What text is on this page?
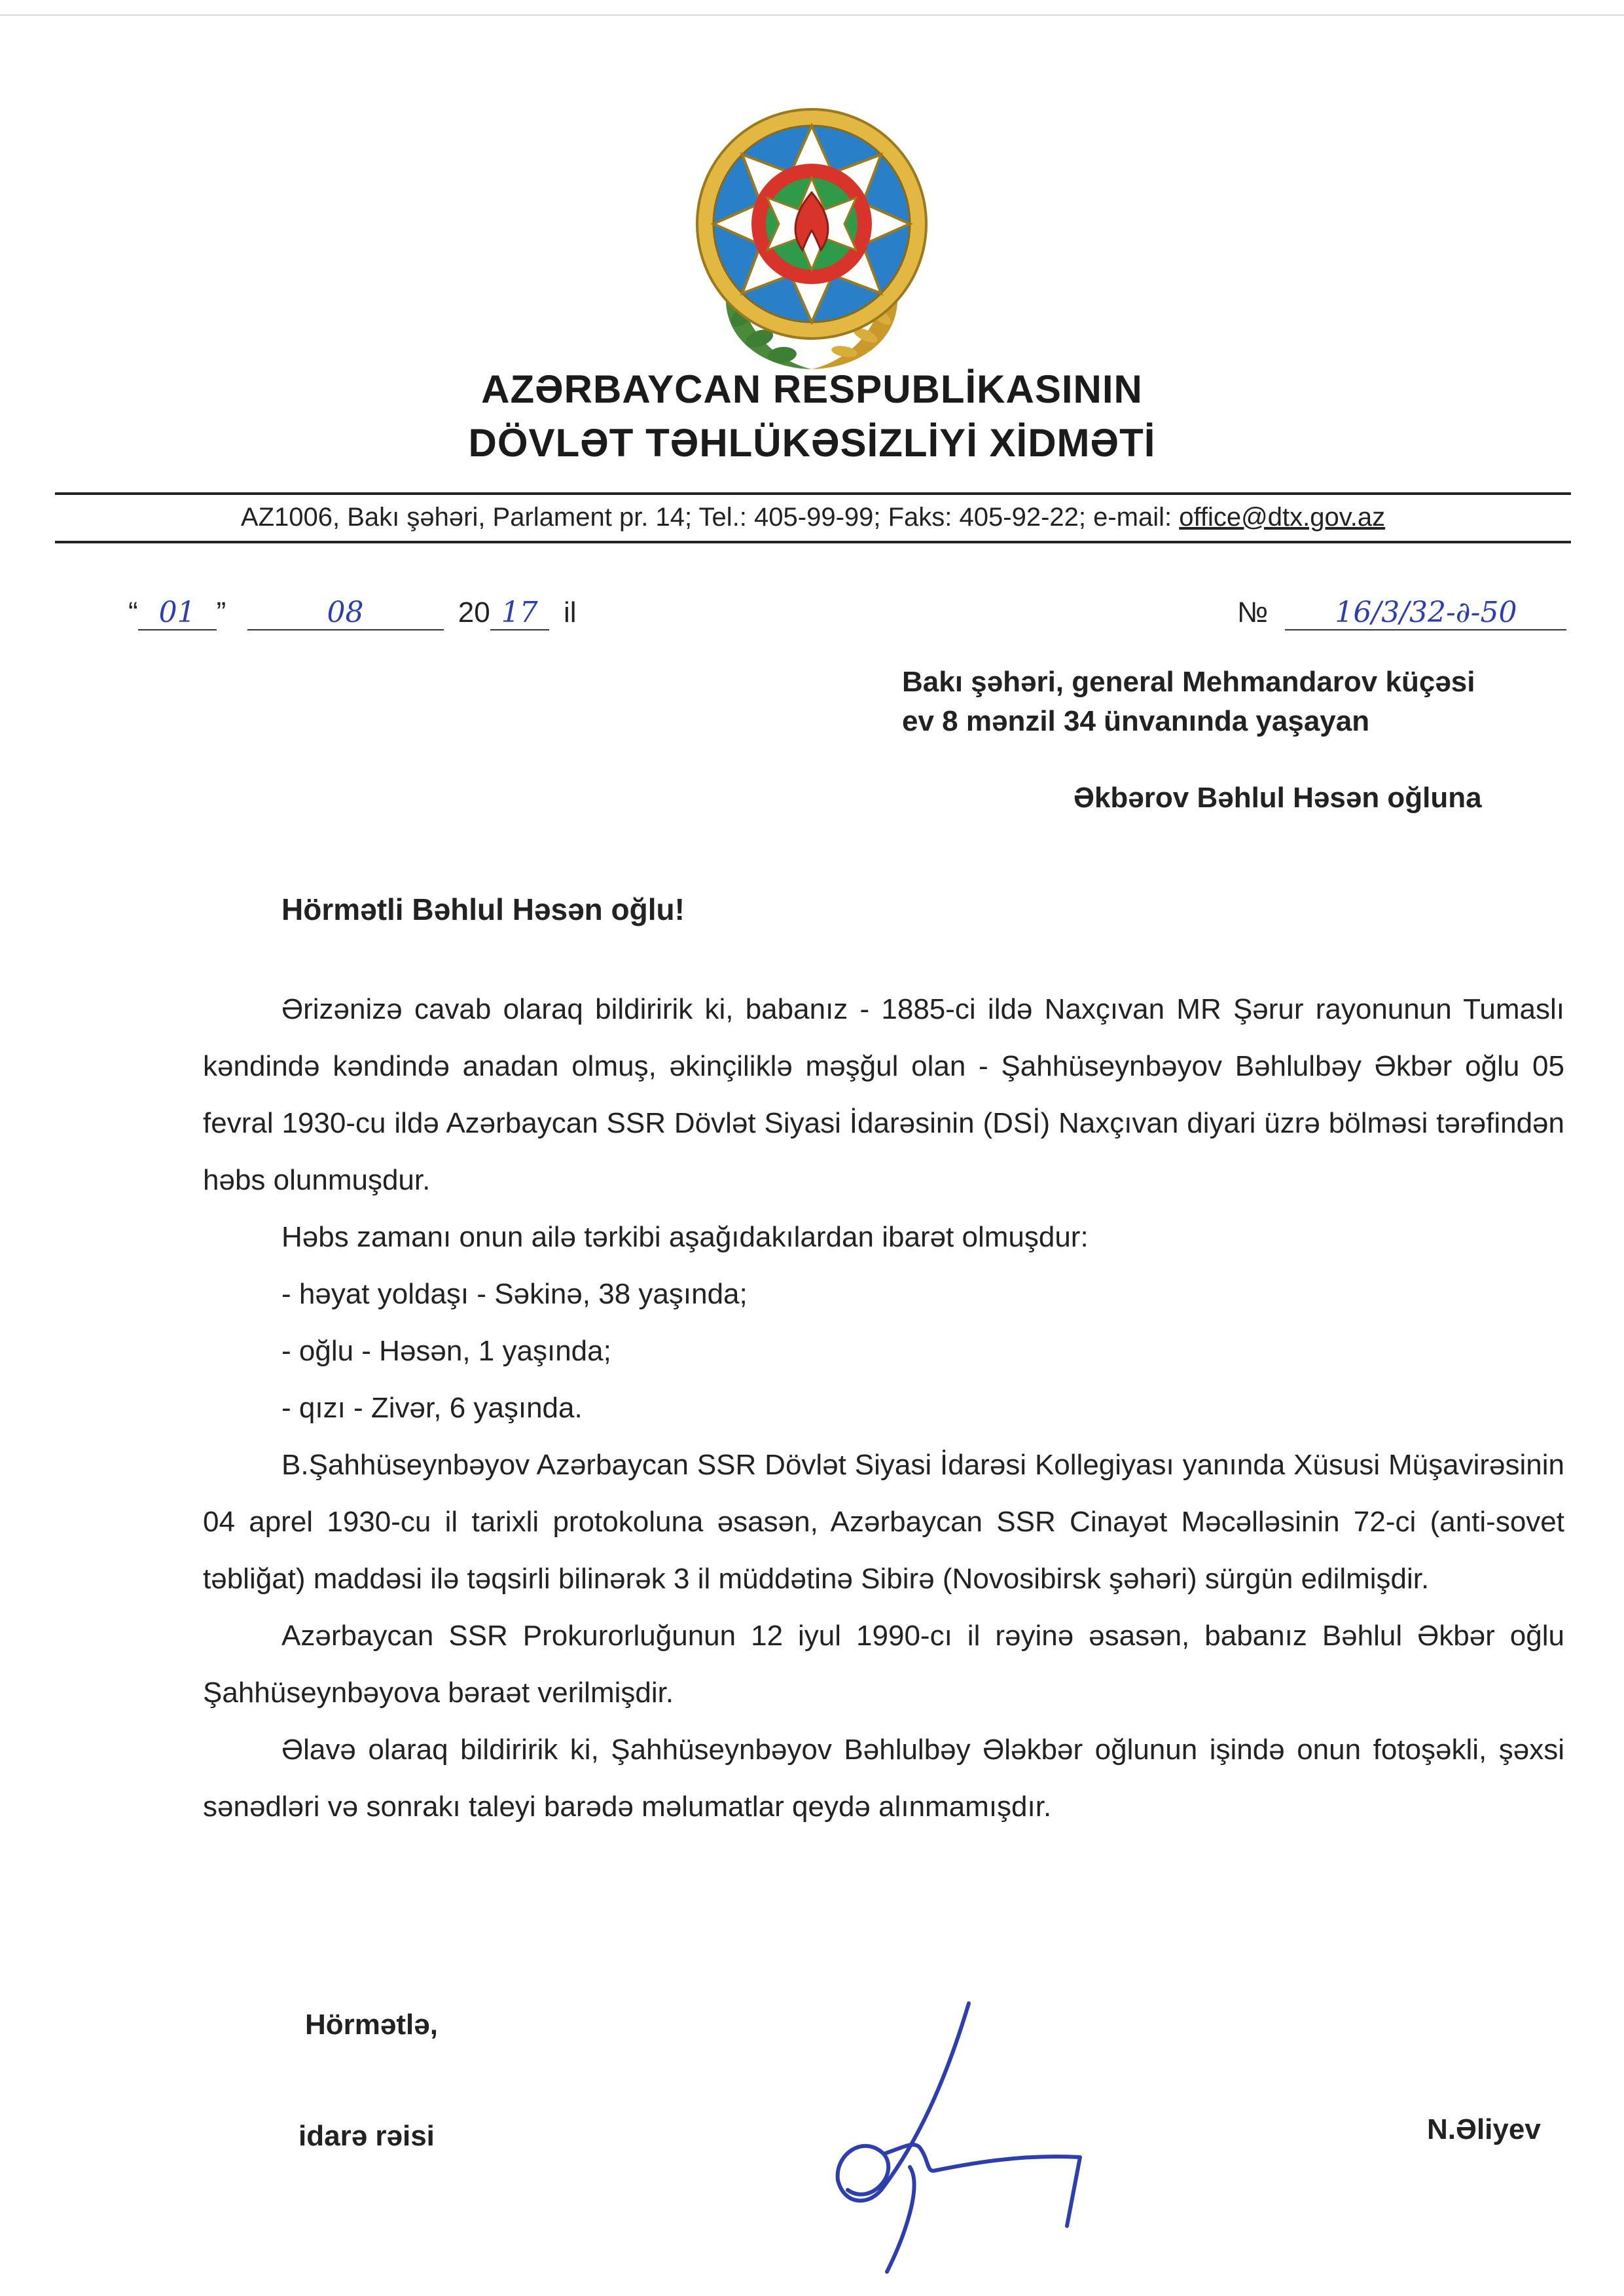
AZƏRBAYCAN RESPUBLİKASININ
DÖVLƏT TƏHLÜKƏSİZLİYİ XİDMƏTİ
AZ1006, Bakı şəhəri, Parlament pr. 14; Tel.: 405-99-99; Faks: 405-92-22; e-mail: office@dtx.gov.az
“ 01 ”	08	20 17 il	№ 16/3/32-∂-50
Bakı şəhəri, general Mehmandarov küçəsi
ev 8 mənzil 34 ünvanında yaşayan
Əkbərov Bəhlul Həsən oğluna
Hörmətli Bəhlul Həsən oğlu!

Ərizənizə cavab olaraq bildiririk ki, babanız - 1885-ci ildə Naxçıvan MR Şərur rayonunun Tumaslı kəndində kəndində anadan olmuş, əkinçiliklə məşğul olan - Şahhüseynbəyov Bəhlulbəy Əkbər oğlu 05 fevral 1930-cu ildə Azərbaycan SSR Dövlət Siyasi İdarəsinin (DSİ) Naxçıvan diyari üzrə bölməsi tərəfindən həbs olunmuşdur.

Həbs zamanı onun ailə tərkibi aşağıdakılardan ibarət olmuşdur:

- həyat yoldaşı - Səkinə, 38 yaşında;

- oğlu - Həsən, 1 yaşında;

- qızı - Zivər, 6 yaşında.

B.Şahhüseynbəyov Azərbaycan SSR Dövlət Siyasi İdarəsi Kollegiyası yanında Xüsusi Müşavirəsinin 04 aprel 1930-cu il tarixli protokoluna əsasən, Azərbaycan SSR Cinayət Məcəlləsinin 72-ci (anti-sovet təbliğat) maddəsi ilə təqsirli bilinərək 3 il müddətinə Sibirə (Novosibirsk şəhəri) sürgün edilmişdir.

Azərbaycan SSR Prokurorluğunun 12 iyul 1990-cı il rəyinə əsasən, babanız Bəhlul Əkbər oğlu Şahhüseynbəyova bəraət verilmişdir.

Əlavə olaraq bildiririk ki, Şahhüseynbəyov Bəhlulbəy Ələkbər oğlunun işində onun fotoşəkli, şəxsi sənədləri və sonrakı taleyi barədə məlumatlar qeydə alınmamışdır.

Hörmətlə,
idarə rəisi	N.Əliyev
